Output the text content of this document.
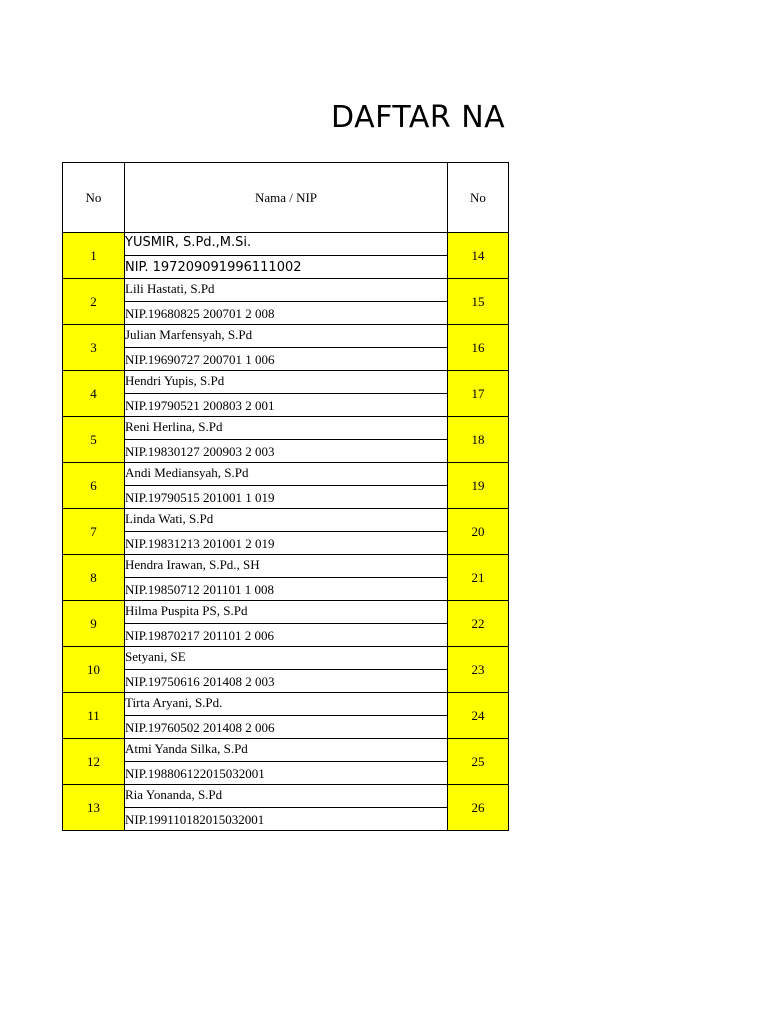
DAFTAR NA
No	Nama / NIP	No
1	YUSMIR, S.Pd.,M.Si.	14
	NIP. 197209091996111002	
2	Lili Hastati, S.Pd	15
	NIP.19680825 200701 2 008	
3	Julian Marfensyah, S.Pd	16
	NIP.19690727 200701 1 006	
4	Hendri Yupis, S.Pd	17
	NIP.19790521 200803 2 001	
5	Reni Herlina, S.Pd	18
	NIP.19830127 200903 2 003	
6	Andi Mediansyah, S.Pd	19
	NIP.19790515 201001 1 019	
7	Linda Wati, S.Pd	20
	NIP.19831213 201001 2 019	
8	Hendra Irawan, S.Pd., SH	21
	NIP.19850712 201101 1 008	
9	Hilma Puspita PS, S.Pd	22
	NIP.19870217 201101 2 006	
10	Setyani, SE	23
	NIP.19750616 201408 2 003	
11	Tirta Aryani, S.Pd.	24
	NIP.19760502 201408 2 006	
12	Atmi Yanda Silka, S.Pd	25
	NIP.198806122015032001	
13	Ria Yonanda, S.Pd	26
	NIP.199110182015032001	
